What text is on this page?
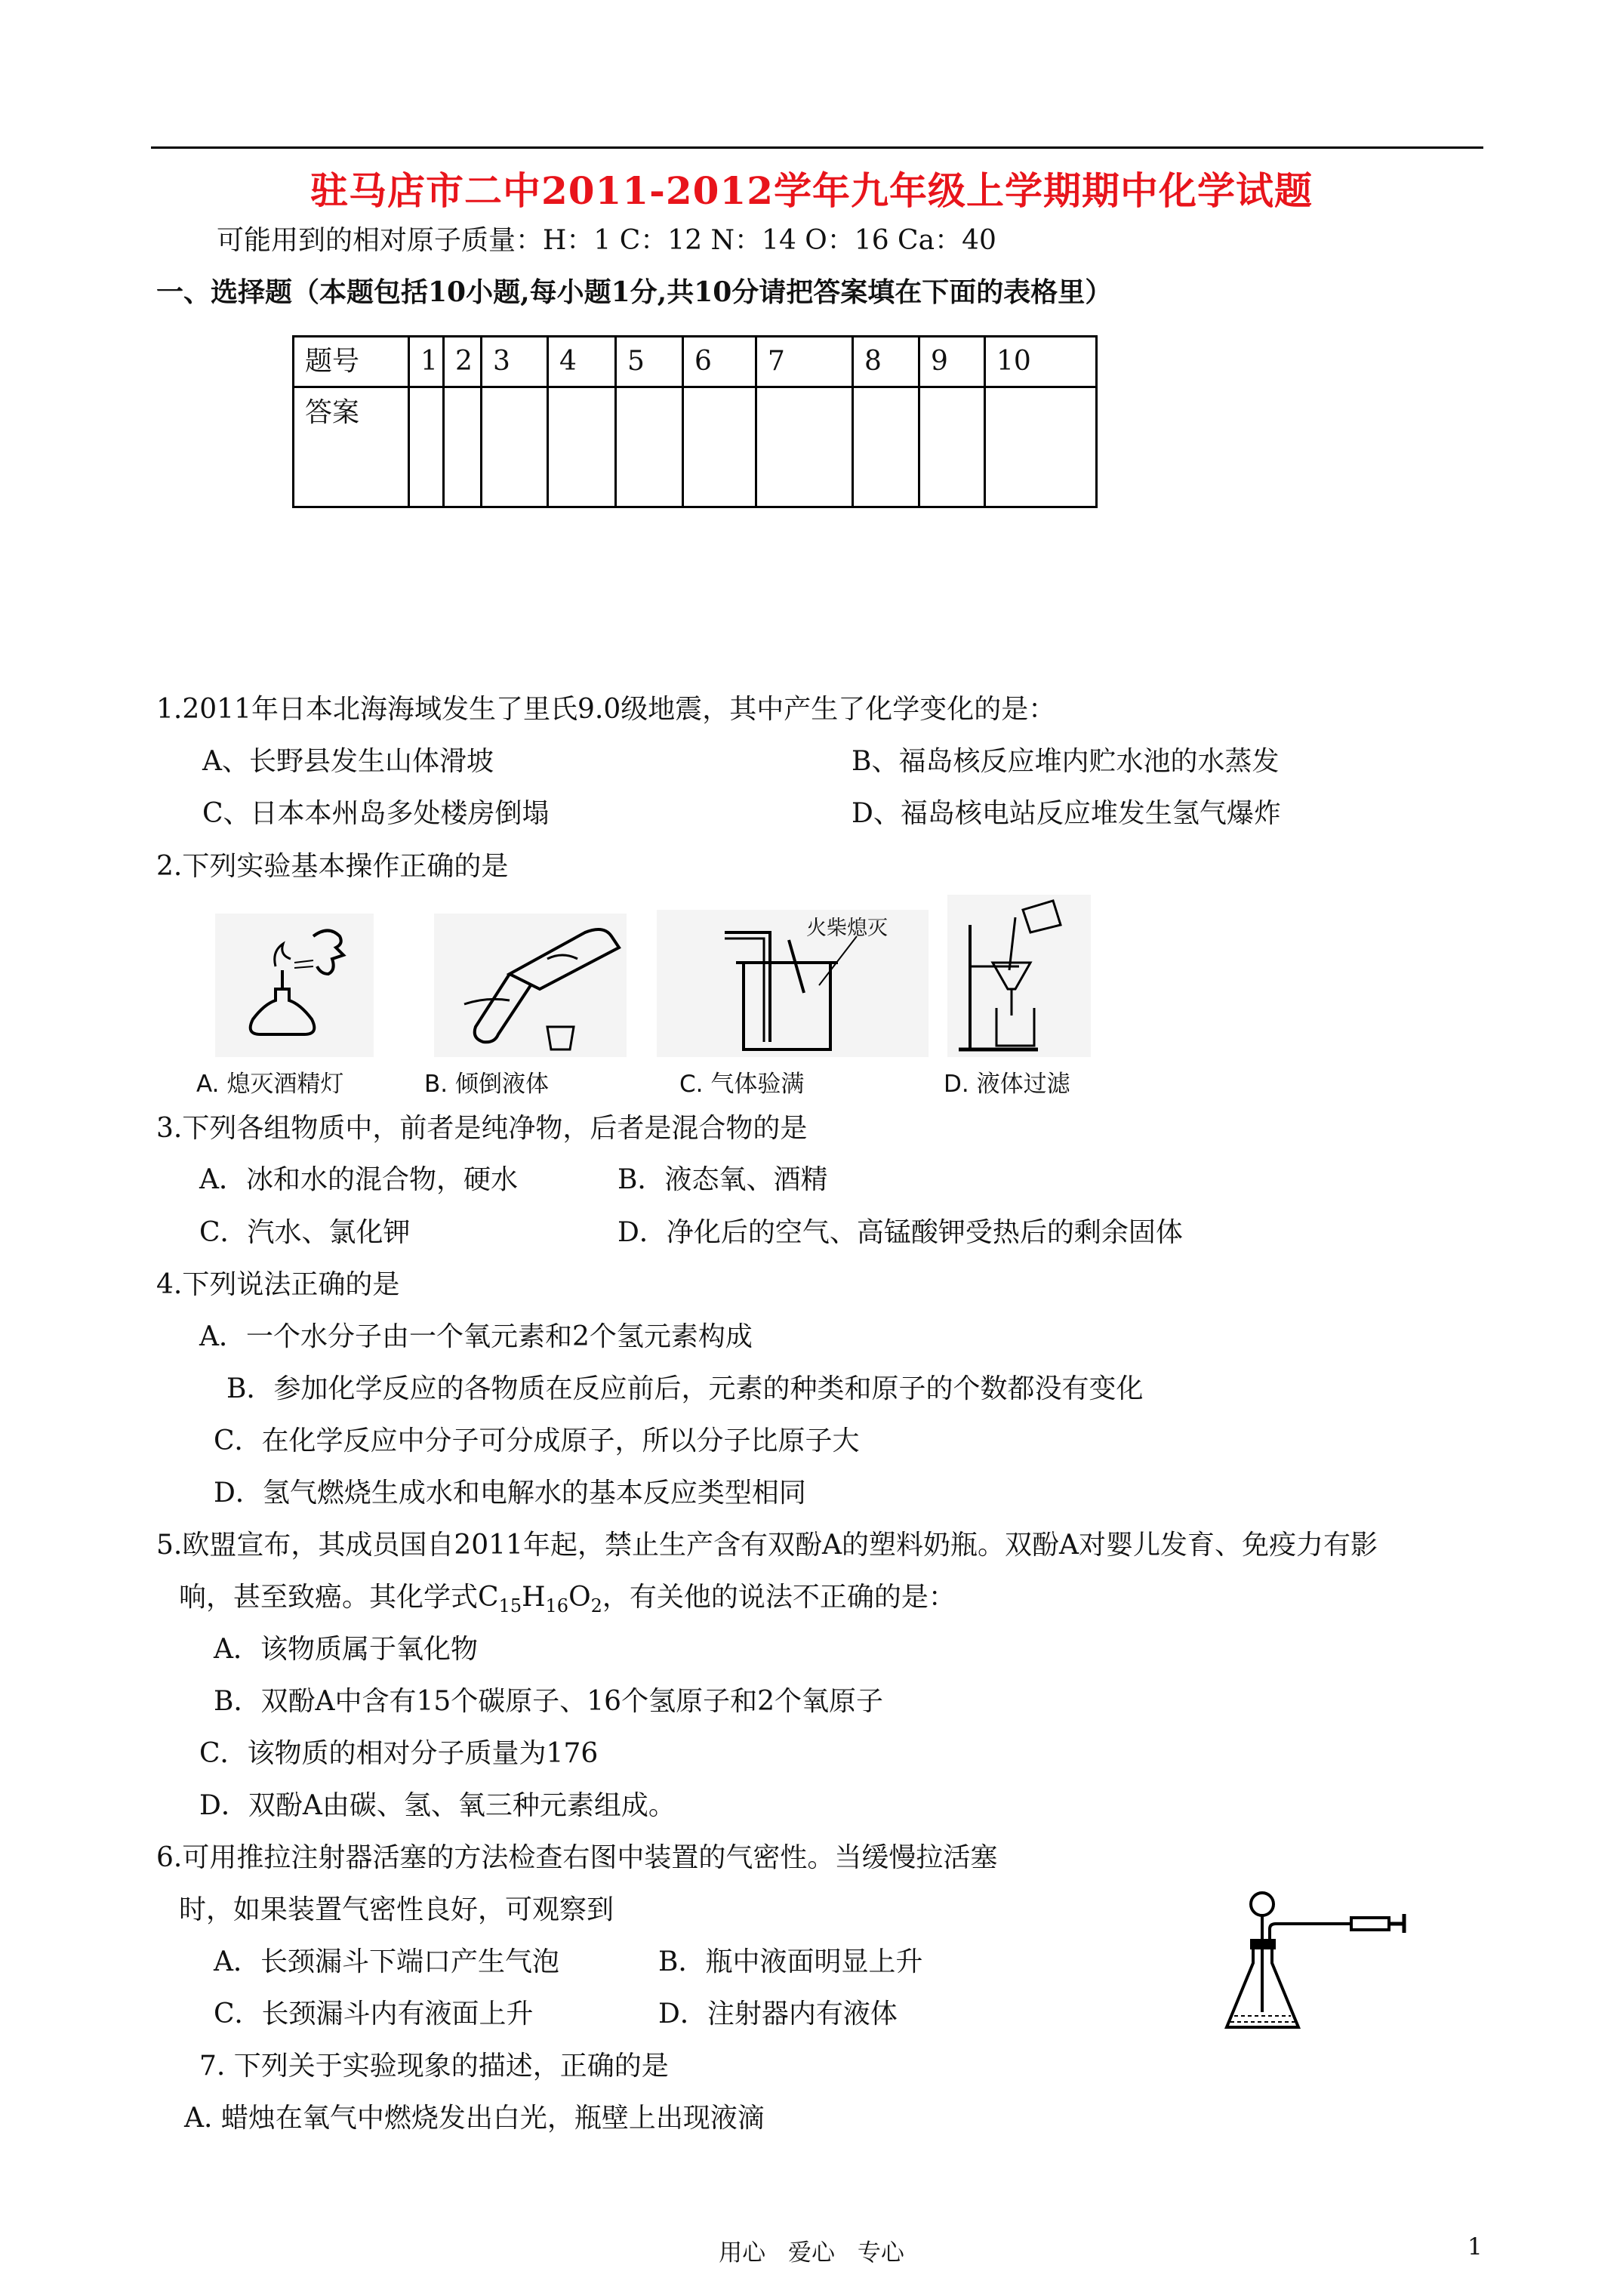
驻马店市二中2011-2012学年九年级上学期期中化学试题
可能用到的相对原子质量：H：1 C：12 N：14 O：16 Ca：40
一、选择题（本题包括10小题,每小题1分,共10分请把答案填在下面的表格里）
题号	1	2	3	4	5	6	7	8	9	10
答案										
1.2011年日本北海海域发生了里氏9.0级地震，其中产生了化学变化的是：
A、长野县发生山体滑坡	B、福岛核反应堆内贮水池的水蒸发
C、日本本州岛多处楼房倒塌	D、福岛核电站反应堆发生氢气爆炸
2.下列实验基本操作正确的是
火柴熄灭
A. 熄灭酒精灯	B. 倾倒液体	C. 气体验满	D. 液体过滤
3.下列各组物质中，前者是纯净物，后者是混合物的是
A．冰和水的混合物，硬水	B．液态氧、酒精
C．汽水、氯化钾	D．净化后的空气、高锰酸钾受热后的剩余固体
4.下列说法正确的是
A．一个水分子由一个氧元素和2个氢元素构成
B．参加化学反应的各物质在反应前后，元素的种类和原子的个数都没有变化
C．在化学反应中分子可分成原子，所以分子比原子大
D．氢气燃烧生成水和电解水的基本反应类型相同
5.欧盟宣布，其成员国自2011年起，禁止生产含有双酚A的塑料奶瓶。双酚A对婴儿发育、免疫力有影
响，甚至致癌。其化学式$C_{15}H_{16}O_2$，有关他的说法不正确的是：
A．该物质属于氧化物
B．双酚A中含有15个碳原子、16个氢原子和2个氧原子
C．该物质的相对分子质量为176
D．双酚A由碳、氢、氧三种元素组成。
6.可用推拉注射器活塞的方法检查右图中装置的气密性。当缓慢拉活塞
时，如果装置气密性良好，可观察到
A．长颈漏斗下端口产生气泡	B．瓶中液面明显上升
C．长颈漏斗内有液面上升	D．注射器内有液体
7. 下列关于实验现象的描述，正确的是
A. 蜡烛在氧气中燃烧发出白光，瓶壁上出现液滴
用心 爱心 专心	1
